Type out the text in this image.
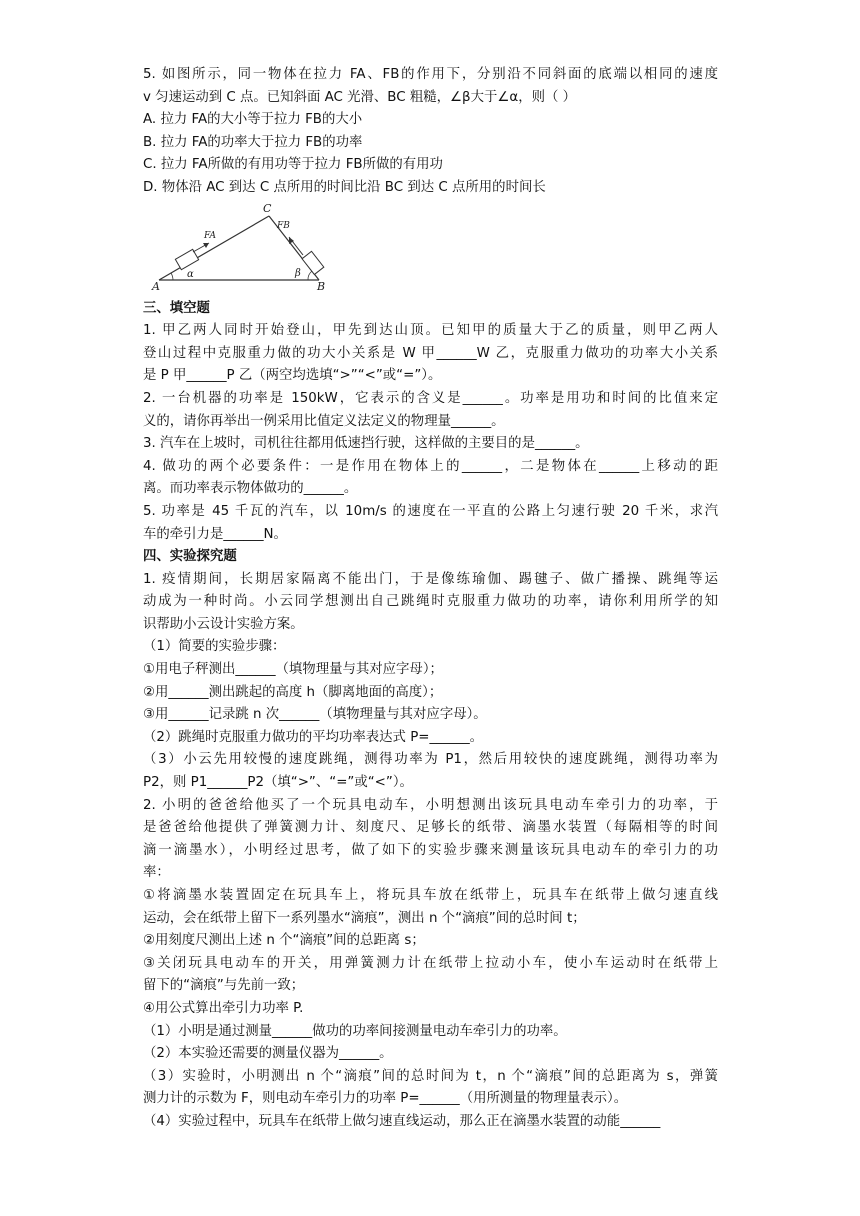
5. 如图所示，同一物体在拉力 FA、FB的作用下，分别沿不同斜面的底端以相同的速度
v 匀速运动到 C 点。已知斜面 AC 光滑、BC 粗糙，∠β大于∠α，则（ ）
A. 拉力 FA的大小等于拉力 FB的大小
B. 拉力 FA的功率大于拉力 FB的功率
C. 拉力 FA所做的有用功等于拉力 FB所做的有用功
D. 物体沿 AC 到达 C 点所用的时间比沿 BC 到达 C 点所用的时间长
A	B
C
α	β
FA
FB
三、填空题
1. 甲乙两人同时开始登山，甲先到达山顶。已知甲的质量大于乙的质量，则甲乙两人
登山过程中克服重力做的功大小关系是 W 甲______W 乙，克服重力做功的功率大小关系
是 P 甲______P 乙（两空均选填“>”“<”或“=”）。
2. 一台机器的功率是 150kW，它表示的含义是______。功率是用功和时间的比值来定
义的，请你再举出一例采用比值定义法定义的物理量______。
3. 汽车在上坡时，司机往往都用低速挡行驶，这样做的主要目的是______。
4. 做功的两个必要条件：一是作用在物体上的______，二是物体在______上移动的距
离。而功率表示物体做功的______。
5. 功率是 45 千瓦的汽车，以 10m/s 的速度在一平直的公路上匀速行驶 20 千米，求汽
车的牵引力是______N。
四、实验探究题
1. 疫情期间，长期居家隔离不能出门，于是像练瑜伽、踢毽子、做广播操、跳绳等运
动成为一种时尚。小云同学想测出自己跳绳时克服重力做功的功率，请你利用所学的知
识帮助小云设计实验方案。
（1）简要的实验步骤：
①用电子秤测出______（填物理量与其对应字母）；
②用______测出跳起的高度 h（脚离地面的高度）；
③用______记录跳 n 次______（填物理量与其对应字母）。
（2）跳绳时克服重力做功的平均功率表达式 P=______。
（3）小云先用较慢的速度跳绳，测得功率为 P1，然后用较快的速度跳绳，测得功率为
P2，则 P1______P2（填“>”、“=”或“<”）。
2. 小明的爸爸给他买了一个玩具电动车，小明想测出该玩具电动车牵引力的功率，于
是爸爸给他提供了弹簧测力计、刻度尺、足够长的纸带、滴墨水装置（每隔相等的时间
滴一滴墨水），小明经过思考，做了如下的实验步骤来测量该玩具电动车的牵引力的功
率：
①将滴墨水装置固定在玩具车上，将玩具车放在纸带上，玩具车在纸带上做匀速直线
运动，会在纸带上留下一系列墨水“滴痕”，测出 n 个“滴痕”间的总时间 t；
②用刻度尺测出上述 n 个“滴痕”间的总距离 s；
③关闭玩具电动车的开关，用弹簧测力计在纸带上拉动小车，使小车运动时在纸带上
留下的“滴痕”与先前一致；
④用公式算出牵引力功率 P.
（1）小明是通过测量______做功的功率间接测量电动车牵引力的功率。
（2）本实验还需要的测量仪器为______。
（3）实验时，小明测出 n 个“滴痕”间的总时间为 t，n 个“滴痕”间的总距离为 s，弹簧
测力计的示数为 F，则电动车牵引力的功率 P=______（用所测量的物理量表示）。
（4）实验过程中，玩具车在纸带上做匀速直线运动，那么正在滴墨水装置的动能______
